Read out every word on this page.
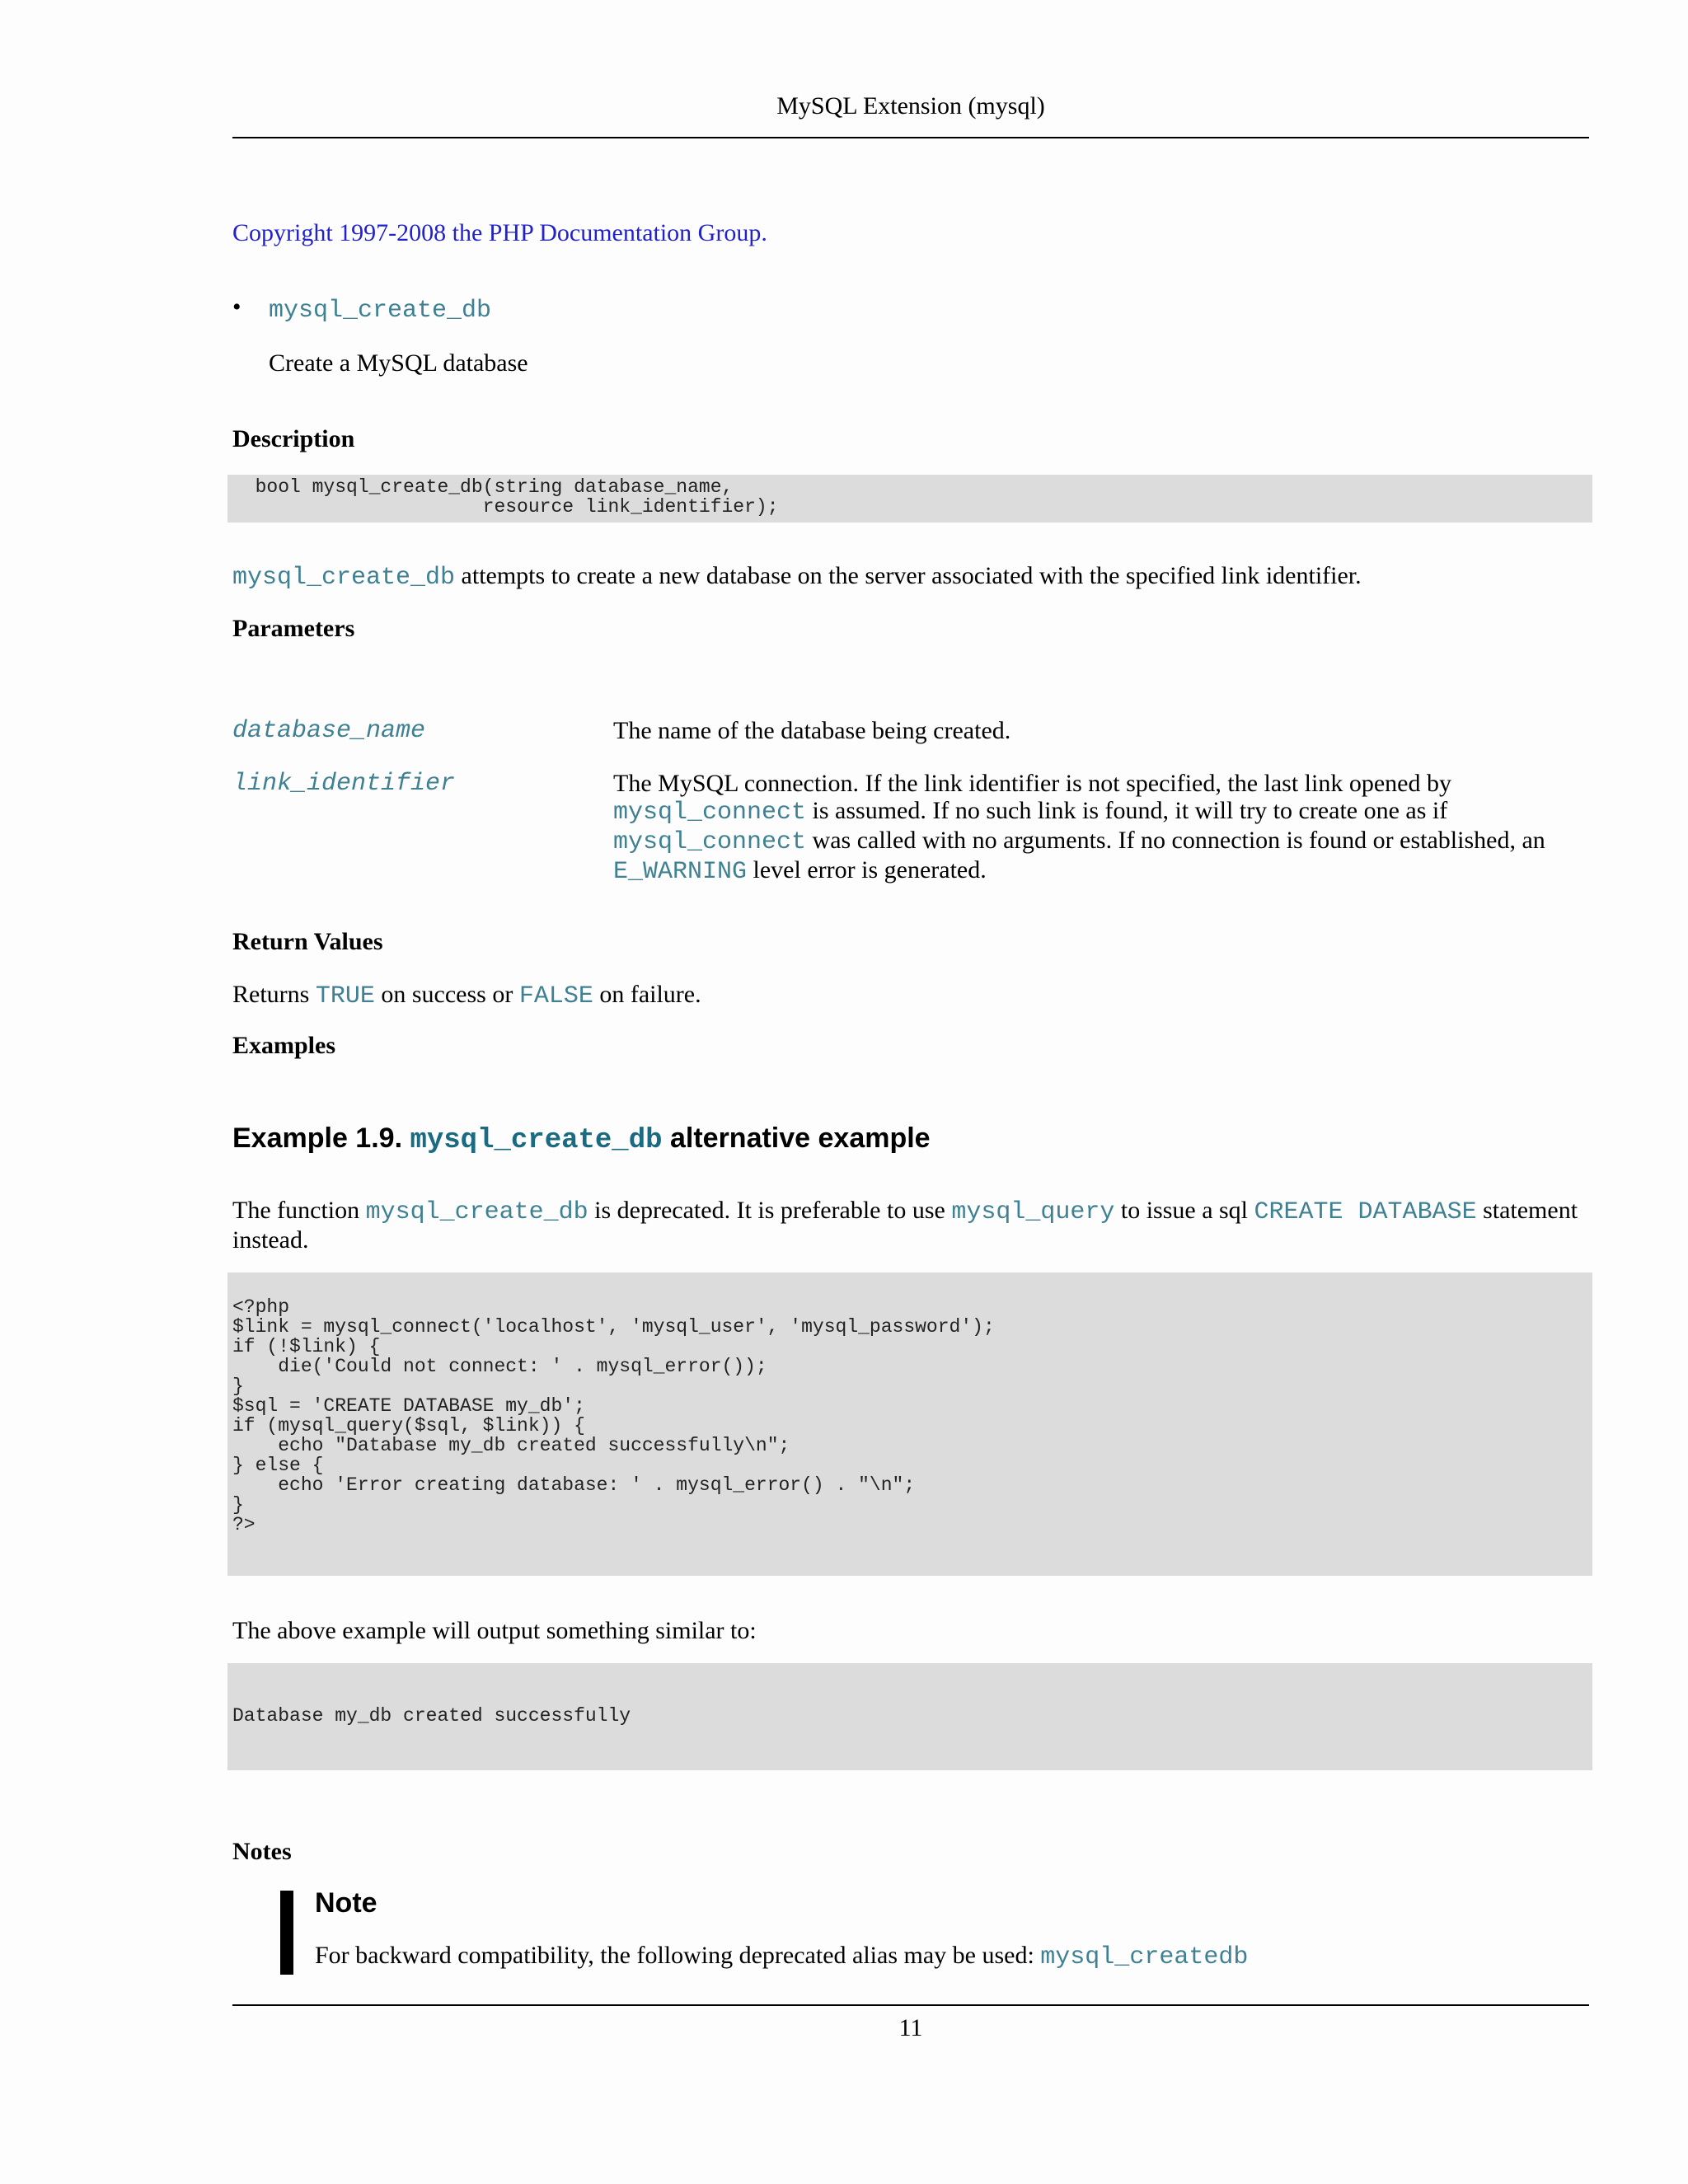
MySQL Extension (mysql)
Copyright 1997-2008 the PHP Documentation Group.
• mysql_create_db
Create a MySQL database
Description
bool mysql_create_db(string database_name,
resource link_identifier);
mysql_create_db attempts to create a new database on the server associated with the specified link identifier.
Parameters
database_name	The name of the database being created.
link_identifier	The MySQL connection. If the link identifier is not specified, the last link opened by mysql_connect is assumed. If no such link is found, it will try to create one as if mysql_connect was called with no arguments. If no connection is found or established, an E_WARNING level error is generated.
Return Values
Returns TRUE on success or FALSE on failure.
Examples
Example 1.9. mysql_create_db alternative example
The function mysql_create_db is deprecated. It is preferable to use mysql_query to issue a sql CREATE DATABASE statement instead.
<?php
$link = mysql_connect('localhost', 'mysql_user', 'mysql_password');
if (!$link) {
die('Could not connect: ' . mysql_error());
}
$sql = 'CREATE DATABASE my_db';
if (mysql_query($sql, $link)) {
echo "Database my_db created successfully\n";
} else {
echo 'Error creating database: ' . mysql_error() . "\n";
}
?>
The above example will output something similar to:
Database my_db created successfully
Notes
Note
For backward compatibility, the following deprecated alias may be used: mysql_createdb
11
